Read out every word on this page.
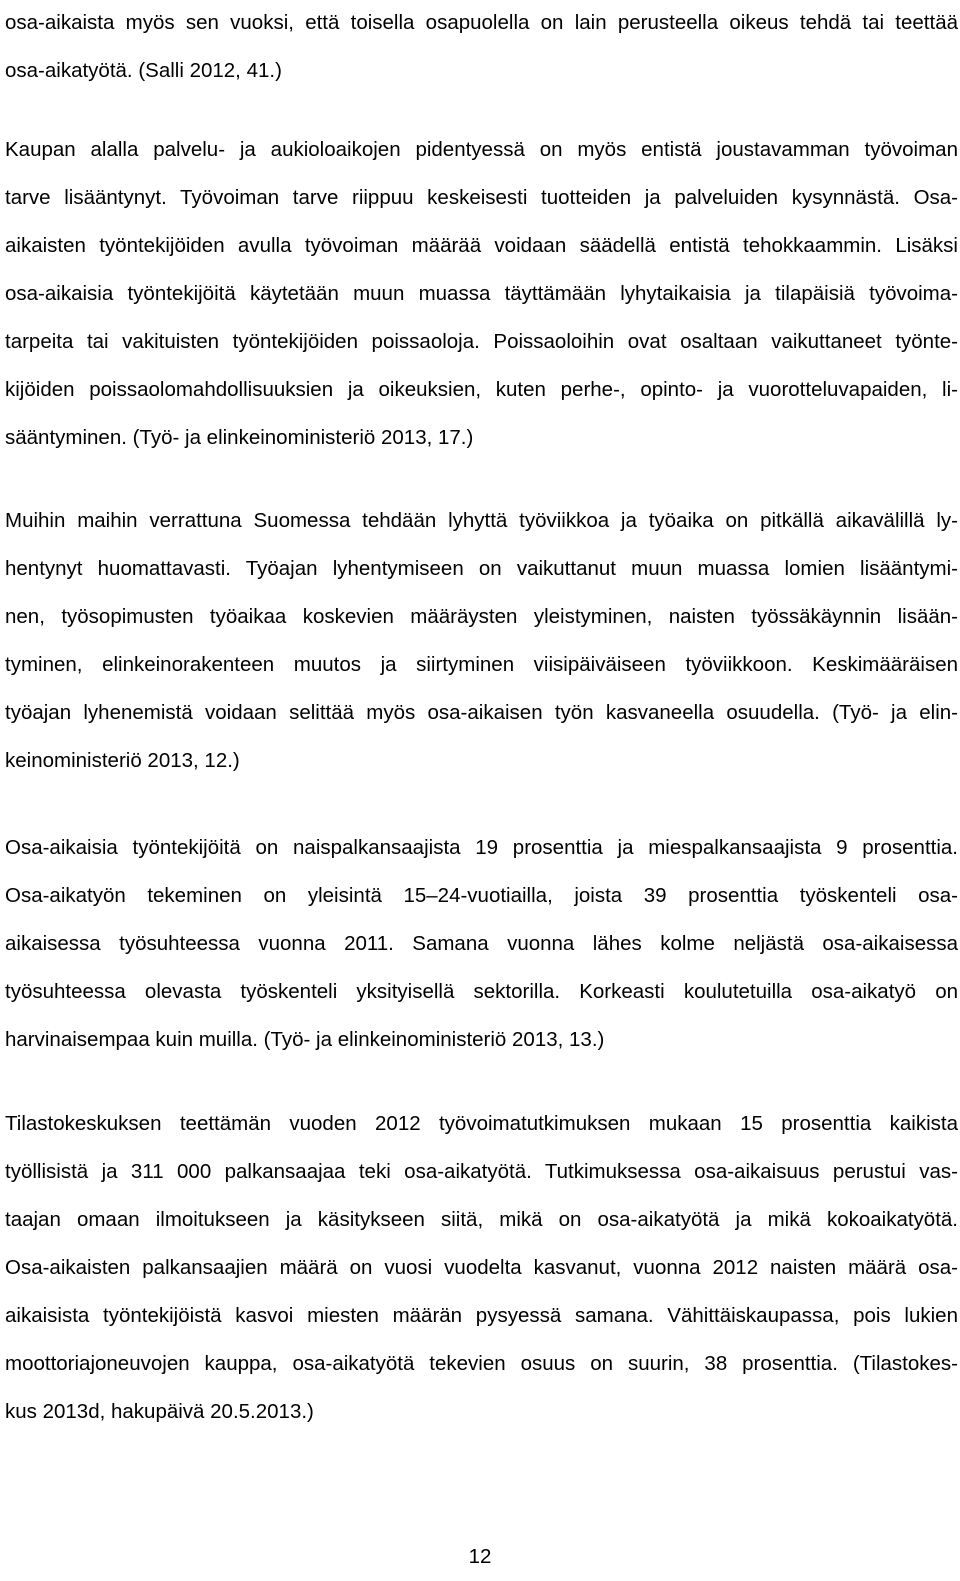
osa-aikaista myös sen vuoksi, että toisella osapuolella on lain perusteella oikeus tehdä tai teettää
osa-aikatyötä. (Salli 2012, 41.)
Kaupan alalla palvelu- ja aukioloaikojen pidentyessä on myös entistä joustavamman työvoiman
tarve lisääntynyt. Työvoiman tarve riippuu keskeisesti tuotteiden ja palveluiden kysynnästä. Osa-
aikaisten työntekijöiden avulla työvoiman määrää voidaan säädellä entistä tehokkaammin. Lisäksi
osa-aikaisia työntekijöitä käytetään muun muassa täyttämään lyhytaikaisia ja tilapäisiä työvoima-
tarpeita tai vakituisten työntekijöiden poissaoloja. Poissaoloihin ovat osaltaan vaikuttaneet työnte-
kijöiden poissaolomahdollisuuksien ja oikeuksien, kuten perhe-, opinto- ja vuorotteluvapaiden, li-
sääntyminen. (Työ- ja elinkeinoministeriö 2013, 17.)
Muihin maihin verrattuna Suomessa tehdään lyhyttä työviikkoa ja työaika on pitkällä aikavälillä ly-
hentynyt huomattavasti. Työajan lyhentymiseen on vaikuttanut muun muassa lomien lisääntymi-
nen, työsopimusten työaikaa koskevien määräysten yleistyminen, naisten työssäkäynnin lisään-
tyminen, elinkeinorakenteen muutos ja siirtyminen viisipäiväiseen työviikkoon. Keskimääräisen
työajan lyhenemistä voidaan selittää myös osa-aikaisen työn kasvaneella osuudella. (Työ- ja elin-
keinoministeriö 2013, 12.)
Osa-aikaisia työntekijöitä on naispalkansaajista 19 prosenttia ja miespalkansaajista 9 prosenttia.
Osa-aikatyön tekeminen on yleisintä 15–24-vuotiailla, joista 39 prosenttia työskenteli osa-
aikaisessa työsuhteessa vuonna 2011. Samana vuonna lähes kolme neljästä osa-aikaisessa
työsuhteessa olevasta työskenteli yksityisellä sektorilla. Korkeasti koulutetuilla osa-aikatyö on
harvinaisempaa kuin muilla. (Työ- ja elinkeinoministeriö 2013, 13.)
Tilastokeskuksen teettämän vuoden 2012 työvoimatutkimuksen mukaan 15 prosenttia kaikista
työllisistä ja 311 000 palkansaajaa teki osa-aikatyötä. Tutkimuksessa osa-aikaisuus perustui vas-
taajan omaan ilmoitukseen ja käsitykseen siitä, mikä on osa-aikatyötä ja mikä kokoaikatyötä.
Osa-aikaisten palkansaajien määrä on vuosi vuodelta kasvanut, vuonna 2012 naisten määrä osa-
aikaisista työntekijöistä kasvoi miesten määrän pysyessä samana. Vähittäiskaupassa, pois lukien
moottoriajoneuvojen kauppa, osa-aikatyötä tekevien osuus on suurin, 38 prosenttia. (Tilastokes-
kus 2013d, hakupäivä 20.5.2013.)
12
